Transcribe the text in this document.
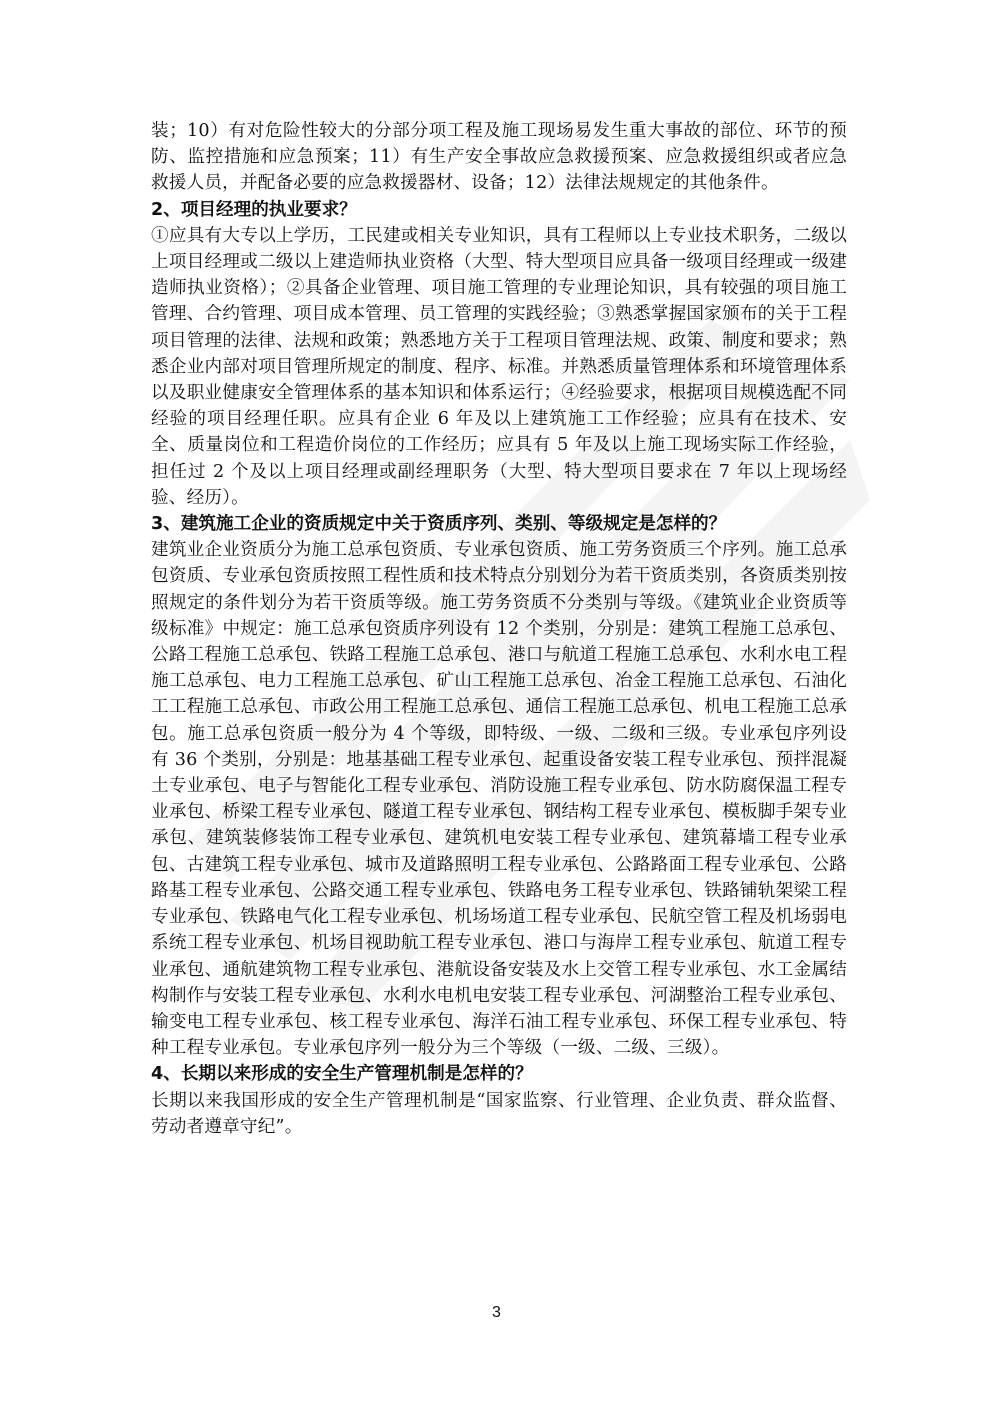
装；10）有对危险性较大的分部分项工程及施工现场易发生重大事故的部位、环节的预防、监控措施和应急预案；11）有生产安全事故应急救援预案、应急救援组织或者应急救援人员，并配备必要的应急救援器材、设备；12）法律法规规定的其他条件。

2、项目经理的执业要求？

①应具有大专以上学历，工民建或相关专业知识，具有工程师以上专业技术职务，二级以上项目经理或二级以上建造师执业资格（大型、特大型项目应具备一级项目经理或一级建造师执业资格）；②具备企业管理、项目施工管理的专业理论知识，具有较强的项目施工管理、合约管理、项目成本管理、员工管理的实践经验；③熟悉掌握国家颁布的关于工程项目管理的法律、法规和政策；熟悉地方关于工程项目管理法规、政策、制度和要求；熟悉企业内部对项目管理所规定的制度、程序、标准。并熟悉质量管理体系和环境管理体系以及职业健康安全管理体系的基本知识和体系运行；④经验要求，根据项目规模选配不同经验的项目经理任职。应具有企业 6 年及以上建筑施工工作经验；应具有在技术、安全、质量岗位和工程造价岗位的工作经历；应具有 5 年及以上施工现场实际工作经验，担任过 2 个及以上项目经理或副经理职务（大型、特大型项目要求在 7 年以上现场经验、经历）。

3、建筑施工企业的资质规定中关于资质序列、类别、等级规定是怎样的？

建筑业企业资质分为施工总承包资质、专业承包资质、施工劳务资质三个序列。施工总承包资质、专业承包资质按照工程性质和技术特点分别划分为若干资质类别，各资质类别按照规定的条件划分为若干资质等级。施工劳务资质不分类别与等级。《建筑业企业资质等级标准》中规定：施工总承包资质序列设有 12 个类别，分别是：建筑工程施工总承包、公路工程施工总承包、铁路工程施工总承包、港口与航道工程施工总承包、水利水电工程施工总承包、电力工程施工总承包、矿山工程施工总承包、冶金工程施工总承包、石油化工工程施工总承包、市政公用工程施工总承包、通信工程施工总承包、机电工程施工总承包。施工总承包资质一般分为 4 个等级，即特级、一级、二级和三级。专业承包序列设有 36 个类别，分别是：地基基础工程专业承包、起重设备安装工程专业承包、预拌混凝土专业承包、电子与智能化工程专业承包、消防设施工程专业承包、防水防腐保温工程专业承包、桥梁工程专业承包、隧道工程专业承包、钢结构工程专业承包、模板脚手架专业承包、建筑装修装饰工程专业承包、建筑机电安装工程专业承包、建筑幕墙工程专业承包、古建筑工程专业承包、城市及道路照明工程专业承包、公路路面工程专业承包、公路路基工程专业承包、公路交通工程专业承包、铁路电务工程专业承包、铁路铺轨架梁工程专业承包、铁路电气化工程专业承包、机场场道工程专业承包、民航空管工程及机场弱电系统工程专业承包、机场目视助航工程专业承包、港口与海岸工程专业承包、航道工程专业承包、通航建筑物工程专业承包、港航设备安装及水上交管工程专业承包、水工金属结构制作与安装工程专业承包、水利水电机电安装工程专业承包、河湖整治工程专业承包、输变电工程专业承包、核工程专业承包、海洋石油工程专业承包、环保工程专业承包、特种工程专业承包。专业承包序列一般分为三个等级（一级、二级、三级）。

4、长期以来形成的安全生产管理机制是怎样的？

长期以来我国形成的安全生产管理机制是“国家监察、行业管理、企业负责、群众监督、劳动者遵章守纪”。

3
